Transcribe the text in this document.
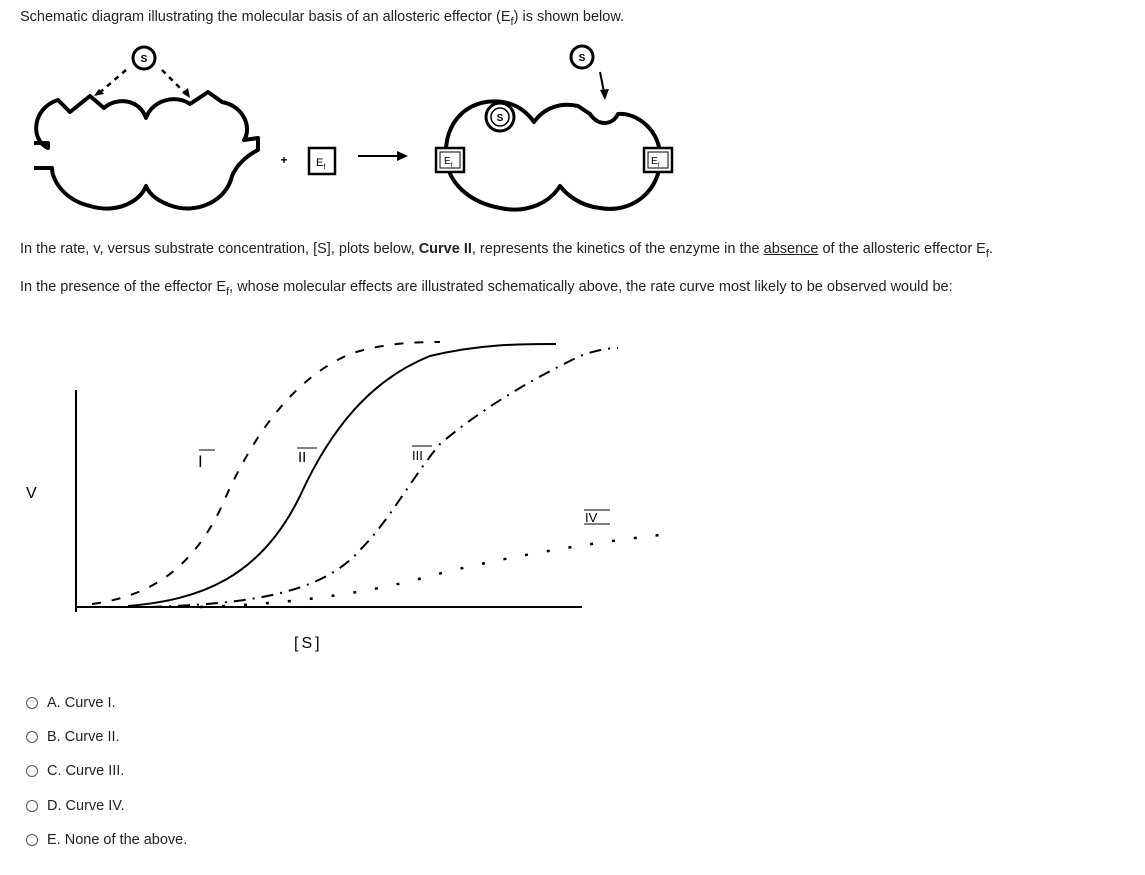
Schematic diagram illustrating the molecular basis of an allosteric effector $(E_f)$ is shown below.
S
+	$E_f$
S
$E_f$	$E_f$
S
In the rate, v, versus substrate concentration, [S], plots below, Curve II, represents the kinetics of the enzyme in the absence of the allosteric effector $E_f$.
In the presence of the effector $E_f$, whose molecular effects are illustrated schematically above, the rate curve most likely to be observed would be:
V
[S]
I	II	III
IV
A.
Curve I.
B.
Curve II.
C.
Curve III.
D.
Curve IV.
E.
None of the above.
